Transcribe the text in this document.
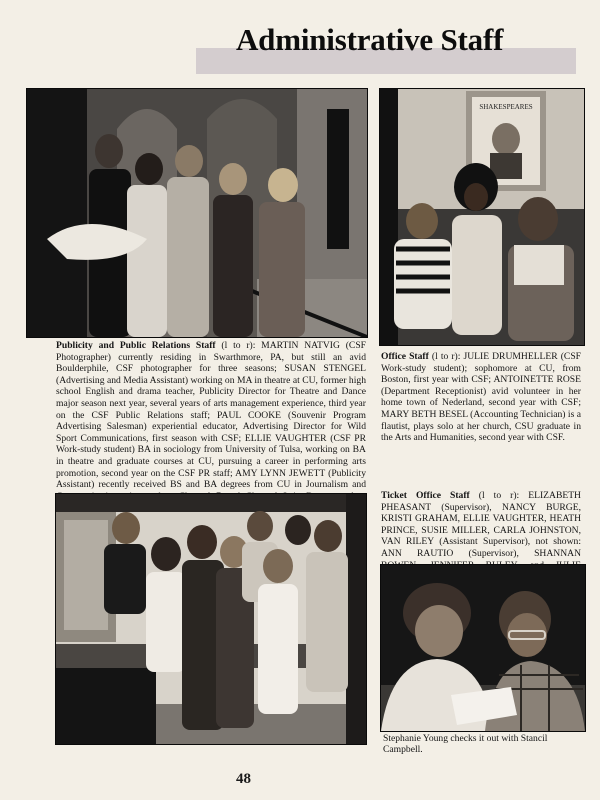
Administrative Staff
SHAKESPEARES
Publicity and Public Relations Staff (l to r): MARTIN NATVIG (CSF Photographer) currently residing in Swarthmore, PA, but still an avid Boulderphile, CSF photographer for three seasons; SUSAN STENGEL (Advertising and Media Assistant) working on MA in theatre at CU, former high school English and drama teacher, Publicity Director for Theatre and Dance major season next year, several years of arts management experience, third year on the CSF Public Relations staff; PAUL COOKE (Souvenir Program Advertising Salesman) experiential educator, Advertising Director for Wild Sport Communications, first season with CSF; ELLIE VAUGHTER (CSF PR Work-study student) BA in sociology from University of Tulsa, working on BA in theatre and graduate courses at CU, pursuing a career in performing arts promotion, second year on the CSF PR staff; AMY LYNN JEWETT (Publicity Assistant) recently received BS and BA degrees from CU in Journalism and
Office Staff (l to r): JULIE DRUMHELLER (CSF Work-study student); sophomore at CU, from Boston, first year with CSF; ANTOINETTE ROSE (Department Receptionist) avid volunteer in her home town of Nederland, second year with CSF; MARY BETH BESEL (Accounting Technician) is a flautist, plays solo at her church, CSU graduate in the Arts and Humanities, second year with CSF.
Ticket Office Staff (l to r): ELIZABETH PHEASANT (Supervisor), NANCY BURGE, KRISTI GRAHAM, ELLIE VAUGHTER, HEATH PRINCE, SUSIE MILLER, CARLA JOHNSTON, VAN RILEY (Assistant Supervisor), not shown: ANN RAUTIO (Supervisor), SHANNAN
Stephanie Young checks it out with Stancil Campbell.
48
